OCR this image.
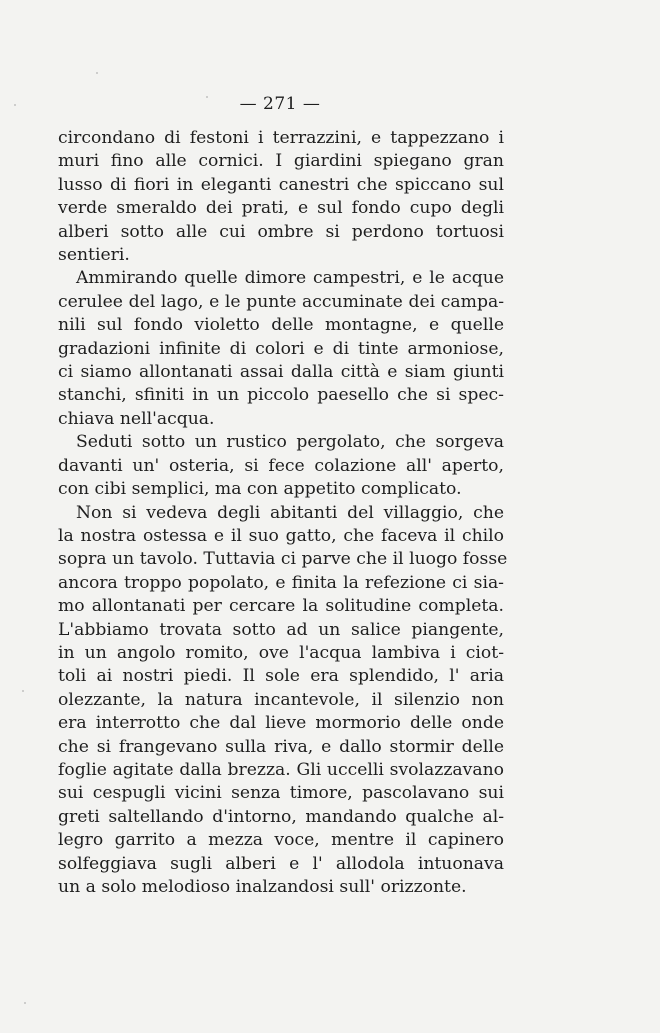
— 271 —
circondano di festoni i terrazzini, e tappezzano i
muri fino alle cornici. I giardini spiegano gran
lusso di fiori in eleganti canestri che spiccano sul
verde smeraldo dei prati, e sul fondo cupo degli
alberi sotto alle cui ombre si perdono tortuosi
sentieri.
Ammirando quelle dimore campestri, e le acque
cerulee del lago, e le punte accuminate dei campa-
nili sul fondo violetto delle montagne, e quelle
gradazioni infinite di colori e di tinte armoniose,
ci siamo allontanati assai dalla città e siam giunti
stanchi, sfiniti in un piccolo paesello che si spec-
chiava nell'acqua.
Seduti sotto un rustico pergolato, che sorgeva
davanti un' osteria, si fece colazione all' aperto,
con cibi semplici, ma con appetito complicato.
Non si vedeva degli abitanti del villaggio, che
la nostra ostessa e il suo gatto, che faceva il chilo
sopra un tavolo. Tuttavia ci parve che il luogo fosse
ancora troppo popolato, e finita la refezione ci sia-
mo allontanati per cercare la solitudine completa.
L'abbiamo trovata sotto ad un salice piangente,
in un angolo romito, ove l'acqua lambiva i ciot-
toli ai nostri piedi. Il sole era splendido, l' aria
olezzante, la natura incantevole, il silenzio non
era interrotto che dal lieve mormorio delle onde
che si frangevano sulla riva, e dallo stormir delle
foglie agitate dalla brezza. Gli uccelli svolazzavano
sui cespugli vicini senza timore, pascolavano sui
greti saltellando d'intorno, mandando qualche al-
legro garrito a mezza voce, mentre il capinero
solfeggiava sugli alberi e l' allodola intuonava
un a solo melodioso inalzandosi sull' orizzonte.
